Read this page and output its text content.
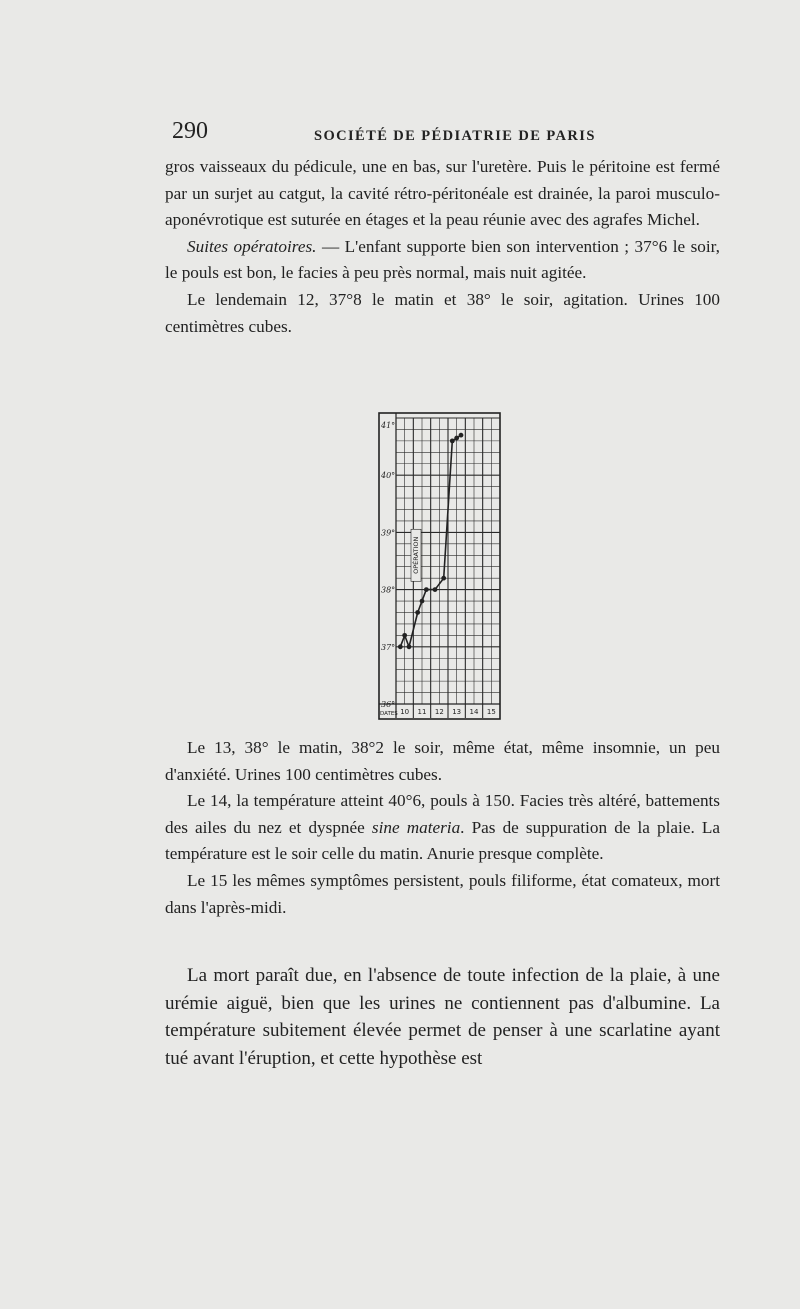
290	SOCIÉTÉ DE PÉDIATRIE DE PARIS

gros vaisseaux du pédicule, une en bas, sur l'uretère. Puis le péritoine est fermé par un surjet au catgut, la cavité rétro-péritonéale est drainée, la paroi musculo-aponévrotique est suturée en étages et la peau réunie avec des agrafes Michel.

Suites opératoires. — L'enfant supporte bien son intervention ; 37°6 le soir, le pouls est bon, le facies à peu près normal, mais nuit agitée.

Le lendemain 12, 37°8 le matin et 38° le soir, agitation. Urines 100 centimètres cubes.

41°
40°
39°
38°
37°
36°
DATES 10 11 12 13 14 15
OPÉRATION

Le 13, 38° le matin, 38°2 le soir, même état, même insomnie, un peu d'anxiété. Urines 100 centimètres cubes.

Le 14, la température atteint 40°6, pouls à 150. Facies très altéré, battements des ailes du nez et dyspnée sine materia. Pas de suppuration de la plaie. La température est le soir celle du matin. Anurie presque complète.

Le 15 les mêmes symptômes persistent, pouls filiforme, état comateux, mort dans l'après-midi.

La mort paraît due, en l'absence de toute infection de la plaie, à une urémie aiguë, bien que les urines ne contiennent pas d'albumine. La température subitement élevée permet de penser à une scarlatine ayant tué avant l'éruption, et cette hypothèse est
